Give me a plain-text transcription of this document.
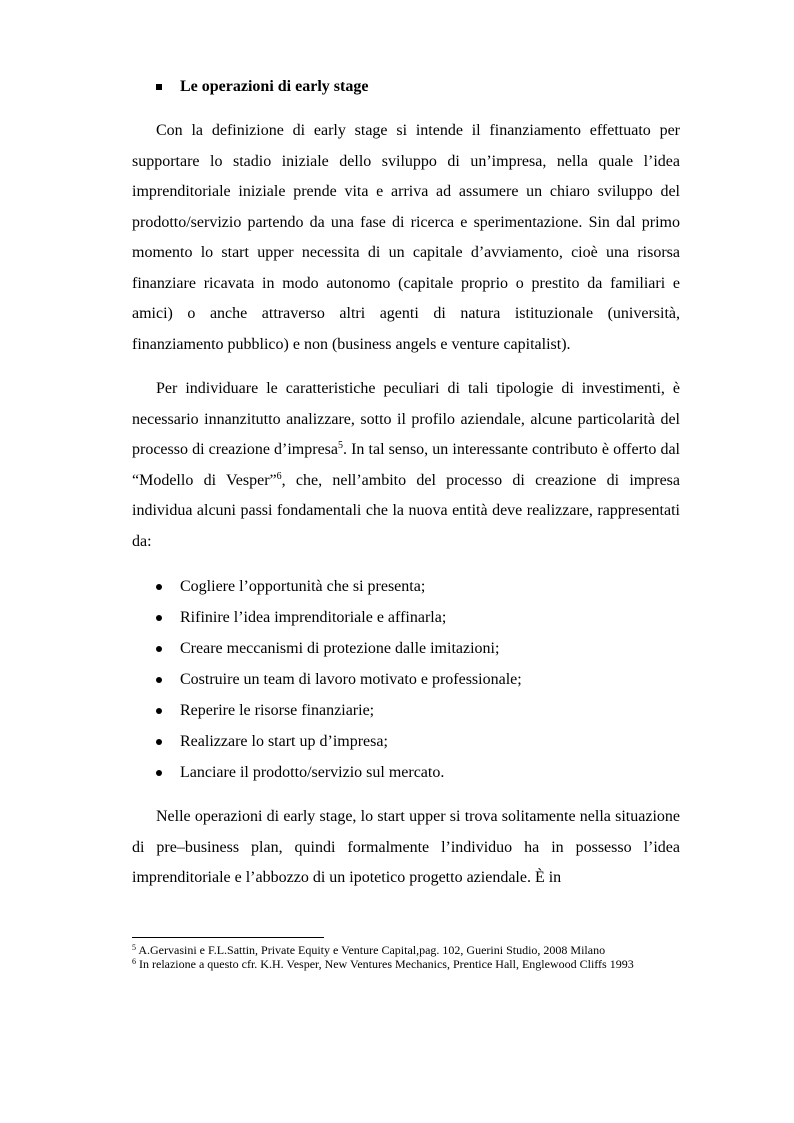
Le operazioni di early stage

Con la definizione di early stage si intende il finanziamento effettuato per supportare lo stadio iniziale dello sviluppo di un’impresa, nella quale l’idea imprenditoriale iniziale prende vita e arriva ad assumere un chiaro sviluppo del prodotto/servizio partendo da una fase di ricerca e sperimentazione. Sin dal primo momento lo start upper necessita di un capitale d’avviamento, cioè una risorsa finanziare ricavata in modo autonomo (capitale proprio o prestito da familiari e amici) o anche attraverso altri agenti di natura istituzionale (università, finanziamento pubblico) e non (business angels e venture capitalist).

Per individuare le caratteristiche peculiari di tali tipologie di investimenti, è necessario innanzitutto analizzare, sotto il profilo aziendale, alcune particolarità del processo di creazione d’impresa$^5$. In tal senso, un interessante contributo è offerto dal “Modello di Vesper”$^6$, che, nell’ambito del processo di creazione di impresa individua alcuni passi fondamentali che la nuova entità deve realizzare, rappresentati da:

Cogliere l’opportunità che si presenta;
Rifinire l’idea imprenditoriale e affinarla;
Creare meccanismi di protezione dalle imitazioni;
Costruire un team di lavoro motivato e professionale;
Reperire le risorse finanziarie;
Realizzare lo start up d’impresa;
Lanciare il prodotto/servizio sul mercato.

Nelle operazioni di early stage, lo start upper si trova solitamente nella situazione di pre–business plan, quindi formalmente l’individuo ha in possesso l’idea imprenditoriale e l’abbozzo di un ipotetico progetto aziendale. È in

$^5$ A.Gervasini e F.L.Sattin, Private Equity e Venture Capital,pag. 102, Guerini Studio, 2008 Milano

$^6$ In relazione a questo cfr. K.H. Vesper, New Ventures Mechanics, Prentice Hall, Englewood Cliffs 1993
